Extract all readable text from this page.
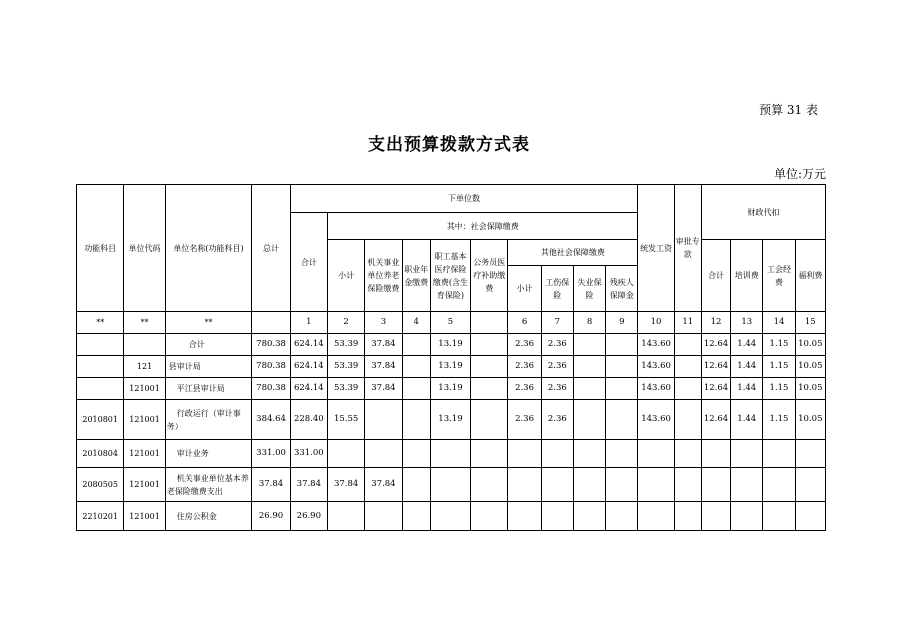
预算 31 表
支出预算拨款方式表
单位:万元
功能科目	单位代码	单位名称(功能科目)	总计	下单位数										统发工资	审批专款	财政代扣			
				合计	其中：社会保障缴费														
					小计	机关事业单位养老保险缴费	职业年金缴费	职工基本医疗保险缴费(含生育保险)	公务员医疗补助缴费	其他社会保障缴费						合计	培训费	工会经费	福利费
										小计	工伤保险	失业保险	残疾人保障金						
**	**	**		1	2	3	4	5		6	7	8	9	10	11	12	13	14	15
		合计	780.38	624.14	53.39	37.84		13.19		2.36	2.36			143.60		12.64	1.44	1.15	10.05
	121	县审计局	780.38	624.14	53.39	37.84		13.19		2.36	2.36			143.60		12.64	1.44	1.15	10.05
	121001	平江县审计局	780.38	624.14	53.39	37.84		13.19		2.36	2.36			143.60		12.64	1.44	1.15	10.05
2010801	121001	行政运行（审计事务）	384.64	228.40	15.55			13.19		2.36	2.36			143.60		12.64	1.44	1.15	10.05
2010804	121001	审计业务	331.00	331.00															
2080505	121001	机关事业单位基本养老保险缴费支出	37.84	37.84	37.84	37.84													
2210201	121001	住房公积金	26.90	26.90															
